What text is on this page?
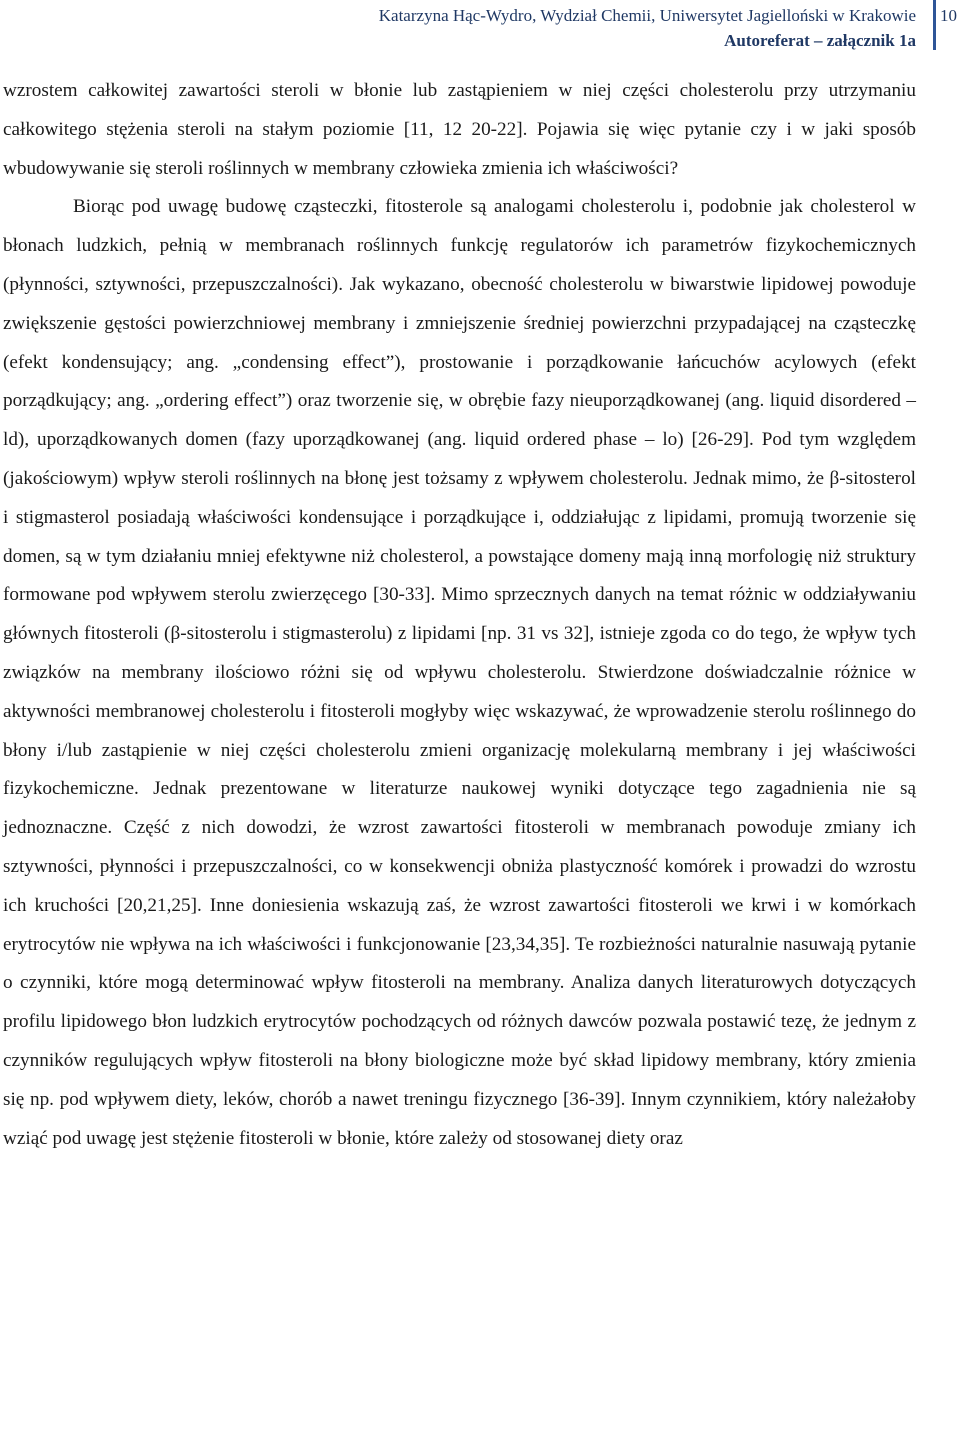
Katarzyna Hąc-Wydro, Wydział Chemii, Uniwersytet Jagielloński w Krakowie
Autoreferat – załącznik 1a
10

wzrostem całkowitej zawartości steroli w błonie lub zastąpieniem w niej części cholesterolu przy utrzymaniu całkowitego stężenia steroli na stałym poziomie [11, 12 20-22]. Pojawia się więc pytanie czy i w jaki sposób wbudowywanie się steroli roślinnych w membrany człowieka zmienia ich właściwości?

Biorąc pod uwagę budowę cząsteczki, fitosterole są analogami cholesterolu i, podobnie jak cholesterol w błonach ludzkich, pełnią w membranach roślinnych funkcję regulatorów ich parametrów fizykochemicznych (płynności, sztywności, przepuszczalności). Jak wykazano, obecność cholesterolu w biwarstwie lipidowej powoduje zwiększenie gęstości powierzchniowej membrany i zmniejszenie średniej powierzchni przypadającej na cząsteczkę (efekt kondensujący; ang. „condensing effect”), prostowanie i porządkowanie łańcuchów acylowych (efekt porządkujący; ang. „ordering effect”) oraz tworzenie się, w obrębie fazy nieuporządkowanej (ang. liquid disordered – ld), uporządkowanych domen (fazy uporządkowanej (ang. liquid ordered phase – lo) [26-29]. Pod tym względem (jakościowym) wpływ steroli roślinnych na błonę jest tożsamy z wpływem cholesterolu. Jednak mimo, że β-sitosterol i stigmasterol posiadają właściwości kondensujące i porządkujące i, oddziałując z lipidami, promują tworzenie się domen, są w tym działaniu mniej efektywne niż cholesterol, a powstające domeny mają inną morfologię niż struktury formowane pod wpływem sterolu zwierzęcego [30-33]. Mimo sprzecznych danych na temat różnic w oddziaływaniu głównych fitosteroli (β-sitosterolu i stigmasterolu) z lipidami [np. 31 vs 32], istnieje zgoda co do tego, że wpływ tych związków na membrany ilościowo różni się od wpływu cholesterolu. Stwierdzone doświadczalnie różnice w aktywności membranowej cholesterolu i fitosteroli mogłyby więc wskazywać, że wprowadzenie sterolu roślinnego do błony i/lub zastąpienie w niej części cholesterolu zmieni organizację molekularną membrany i jej właściwości fizykochemiczne. Jednak prezentowane w literaturze naukowej wyniki dotyczące tego zagadnienia nie są jednoznaczne. Część z nich dowodzi, że wzrost zawartości fitosteroli w membranach powoduje zmiany ich sztywności, płynności i przepuszczalności, co w konsekwencji obniża plastyczność komórek i prowadzi do wzrostu ich kruchości [20,21,25]. Inne doniesienia wskazują zaś, że wzrost zawartości fitosteroli we krwi i w komórkach erytrocytów nie wpływa na ich właściwości i funkcjonowanie [23,34,35]. Te rozbieżności naturalnie nasuwają pytanie o czynniki, które mogą determinować wpływ fitosteroli na membrany. Analiza danych literaturowych dotyczących profilu lipidowego błon ludzkich erytrocytów pochodzących od różnych dawców pozwala postawić tezę, że jednym z czynników regulujących wpływ fitosteroli na błony biologiczne może być skład lipidowy membrany, który zmienia się np. pod wpływem diety, leków, chorób a nawet treningu fizycznego [36-39]. Innym czynnikiem, który należałoby wziąć pod uwagę jest stężenie fitosteroli w błonie, które zależy od stosowanej diety oraz
